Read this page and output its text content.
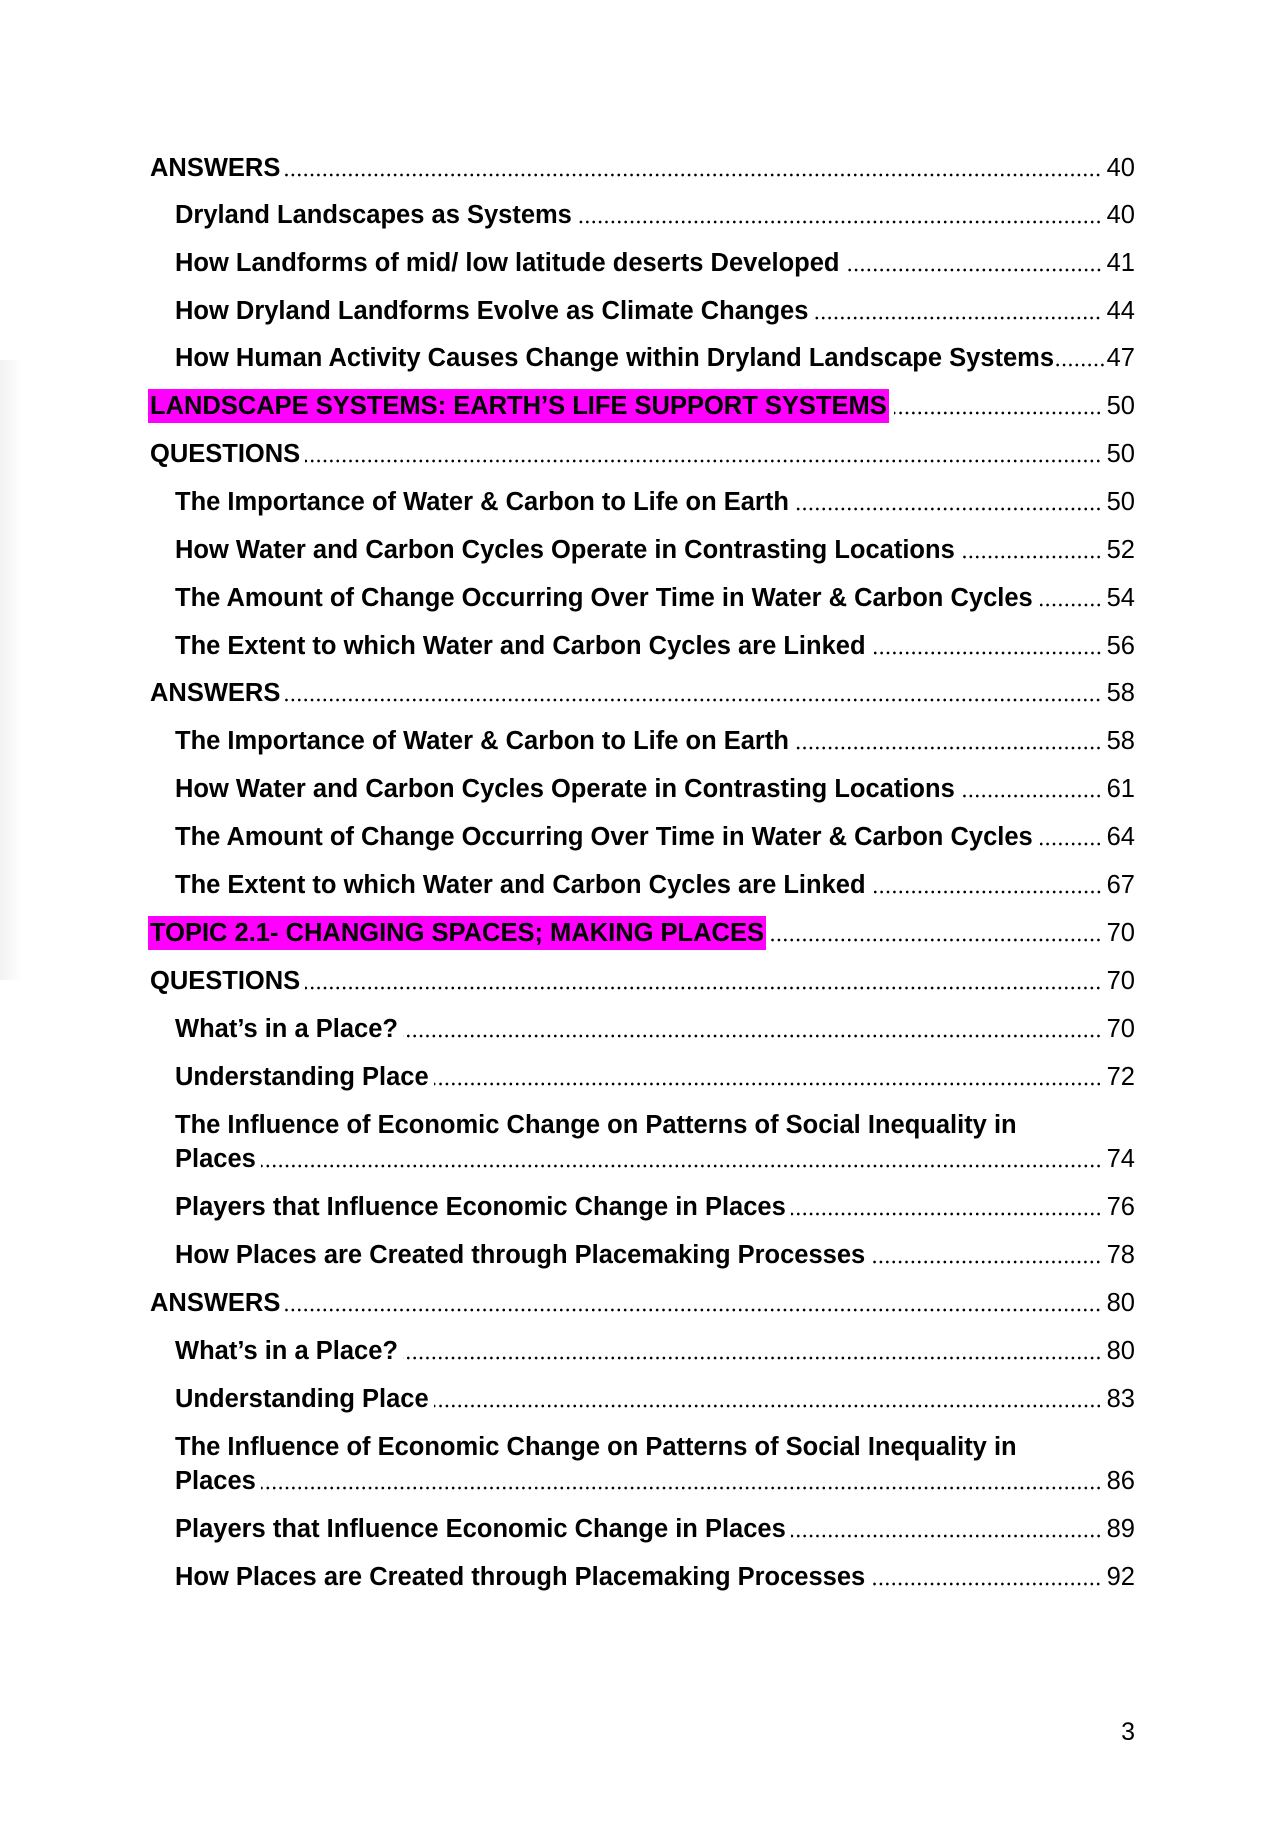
ANSWERS	40
Dryland Landscapes as Systems	40
How Landforms of mid/ low latitude deserts Developed	41
How Dryland Landforms Evolve as Climate Changes	44
How Human Activity Causes Change within Dryland Landscape Systems 47
LANDSCAPE SYSTEMS: EARTH’S LIFE SUPPORT SYSTEMS	50
QUESTIONS	50
The Importance of Water & Carbon to Life on Earth	50
How Water and Carbon Cycles Operate in Contrasting Locations	52
The Amount of Change Occurring Over Time in Water & Carbon Cycles	54
The Extent to which Water and Carbon Cycles are Linked	56
ANSWERS	58
The Importance of Water & Carbon to Life on Earth	58
How Water and Carbon Cycles Operate in Contrasting Locations	61
The Amount of Change Occurring Over Time in Water & Carbon Cycles	64
The Extent to which Water and Carbon Cycles are Linked	67
TOPIC 2.1- CHANGING SPACES; MAKING PLACES	70
QUESTIONS	70
What’s in a Place?	70
Understanding Place	72
The Influence of Economic Change on Patterns of Social Inequality in
Places	74
Players that Influence Economic Change in Places	76
How Places are Created through Placemaking Processes	78
ANSWERS	80
What’s in a Place?	80
Understanding Place	83
The Influence of Economic Change on Patterns of Social Inequality in
Places	86
Players that Influence Economic Change in Places	89
How Places are Created through Placemaking Processes	92
3
